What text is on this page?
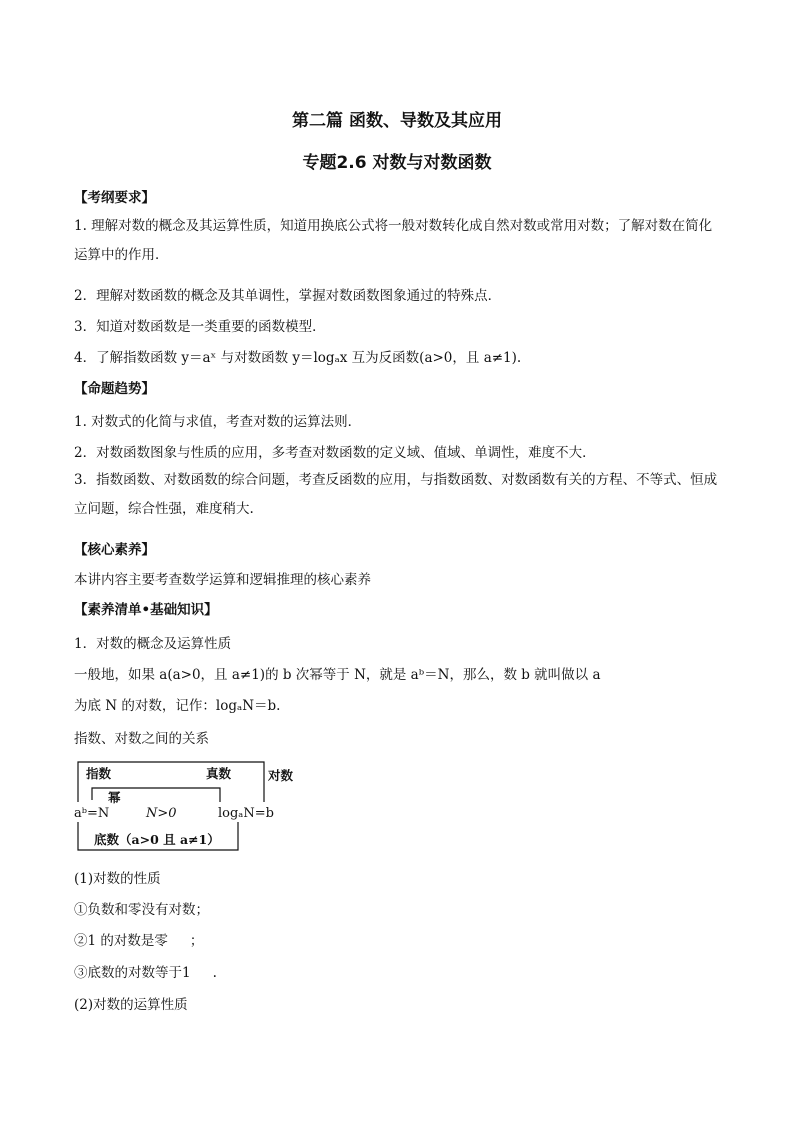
第二篇 函数、导数及其应用
专题2.6 对数与对数函数
【考纲要求】
1. 理解对数的概念及其运算性质，知道用换底公式将一般对数转化成自然对数或常用对数；了解对数在简化运算中的作用．
2．理解对数函数的概念及其单调性，掌握对数函数图象通过的特殊点．
3．知道对数函数是一类重要的函数模型．
4．了解指数函数 y＝aˣ 与对数函数 y＝logₐx 互为反函数(a>0，且 a≠1).
【命题趋势】
1. 对数式的化简与求值，考查对数的运算法则．
2．对数函数图象与性质的应用，多考查对数函数的定义域、值域、单调性，难度不大．
3．指数函数、对数函数的综合问题，考查反函数的应用，与指数函数、对数函数有关的方程、不等式、恒成立问题，综合性强，难度稍大.
【核心素养】
本讲内容主要考查数学运算和逻辑推理的核心素养
【素养清单•基础知识】
1．对数的概念及运算性质
一般地，如果 a(a>0，且 a≠1)的 b 次幂等于 N，就是 aᵇ＝N，那么，数 b 就叫做以 a
为底 N 的对数，记作：logₐN＝b.
指数、对数之间的关系
指数	真数	对数
幂
aᵇ=N	N>0	logₐN=b
底数（a>0 且 a≠1）
(1)对数的性质
①负数和零没有对数；
②1 的对数是零 ；
③底数的对数等于1 .
(2)对数的运算性质
